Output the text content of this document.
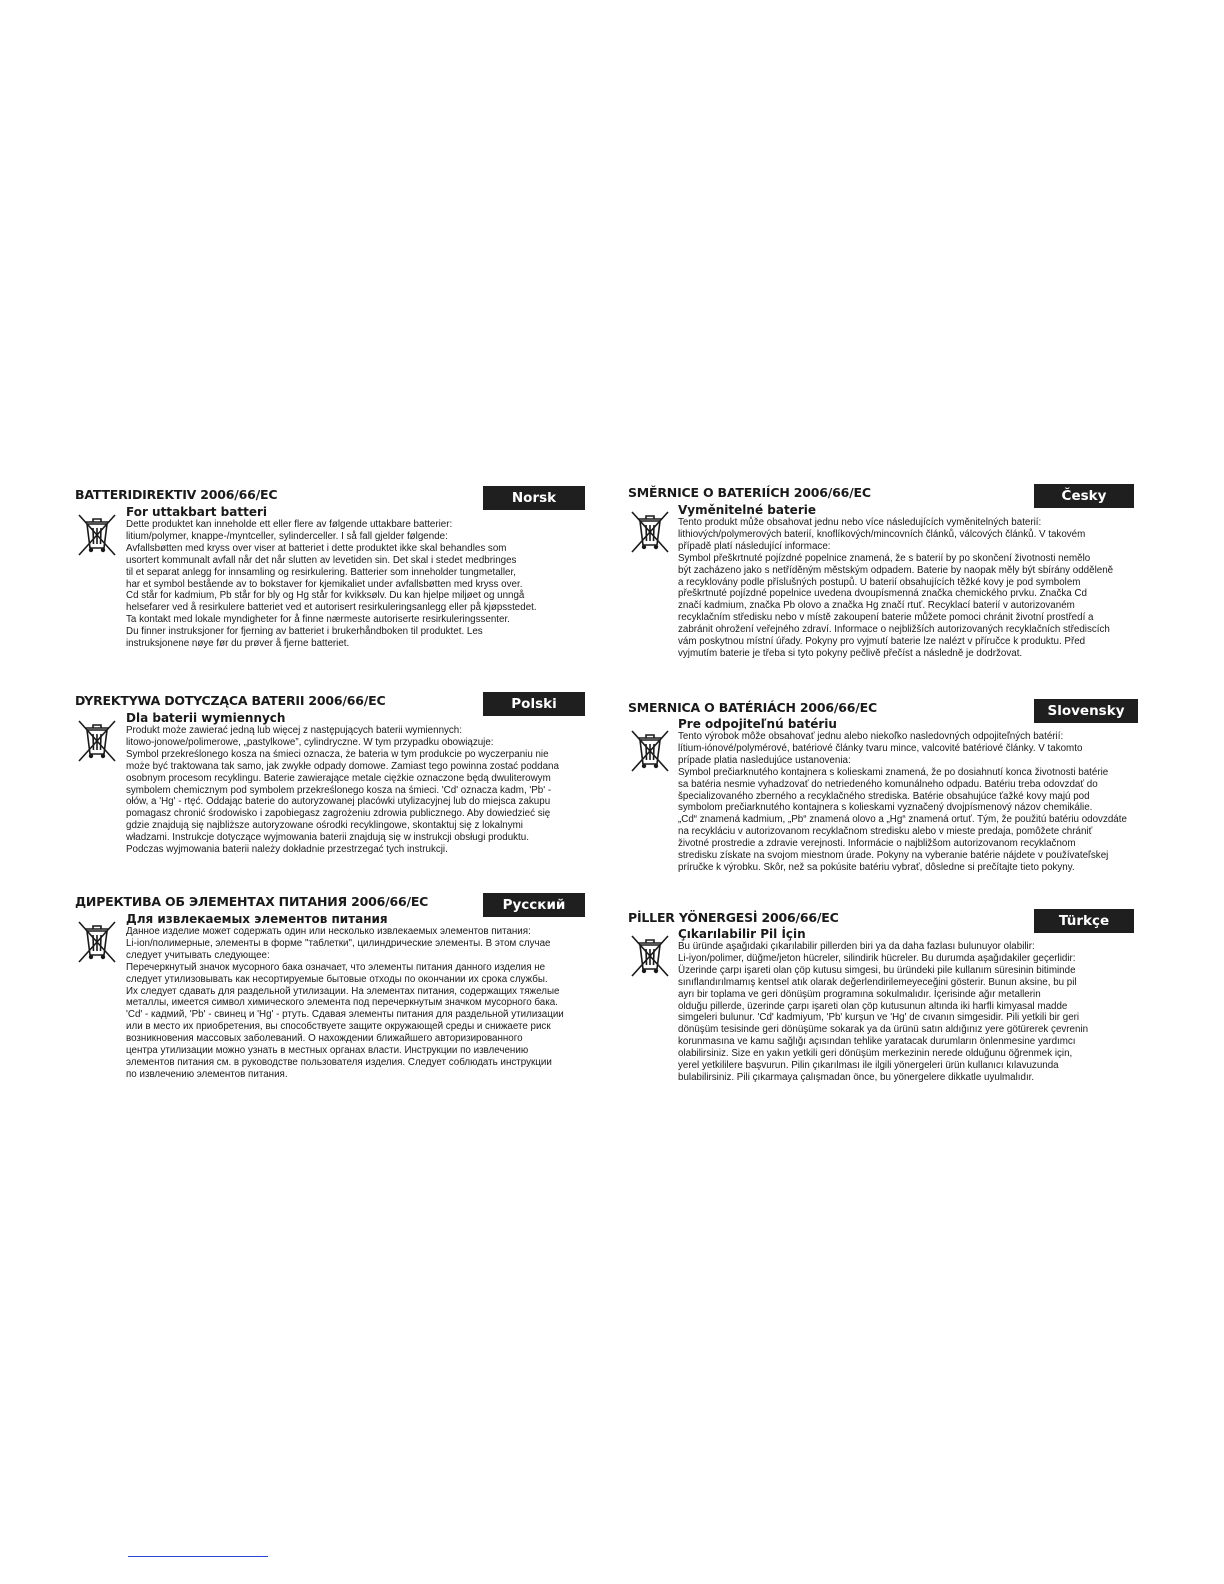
BATTERIDIREKTIV 2006/66/EC	Norsk
For uttakbart batteri
Dette produktet kan inneholde ett eller flere av følgende uttakbare batterier:
litium/polymer, knappe-/myntceller, sylinderceller. I så fall gjelder følgende:
Avfallsbøtten med kryss over viser at batteriet i dette produktet ikke skal behandles som
usortert kommunalt avfall når det når slutten av levetiden sin. Det skal i stedet medbringes
til et separat anlegg for innsamling og resirkulering. Batterier som inneholder tungmetaller,
har et symbol bestående av to bokstaver for kjemikaliet under avfallsbøtten med kryss over.
Cd står for kadmium, Pb står for bly og Hg står for kvikksølv. Du kan hjelpe miljøet og unngå
helsefarer ved å resirkulere batteriet ved et autorisert resirkuleringsanlegg eller på kjøpsstedet.
Ta kontakt med lokale myndigheter for å finne nærmeste autoriserte resirkuleringssenter.
Du finner instruksjoner for fjerning av batteriet i brukerhåndboken til produktet. Les
instruksjonene nøye før du prøver å fjerne batteriet.
DYREKTYWA DOTYCZĄCA BATERII 2006/66/EC	Polski
Dla baterii wymiennych
Produkt może zawierać jedną lub więcej z następujących baterii wymiennych:
litowo-jonowe/polimerowe, „pastylkowe”, cylindryczne. W tym przypadku obowiązuje:
Symbol przekreślonego kosza na śmieci oznacza, że bateria w tym produkcie po wyczerpaniu nie
może być traktowana tak samo, jak zwykłe odpady domowe. Zamiast tego powinna zostać poddana
osobnym procesom recyklingu. Baterie zawierające metale ciężkie oznaczone będą dwuliterowym
symbolem chemicznym pod symbolem przekreślonego kosza na śmieci. 'Cd' oznacza kadm, 'Pb' -
ołów, a 'Hg' - rtęć. Oddając baterie do autoryzowanej placówki utylizacyjnej lub do miejsca zakupu
pomagasz chronić środowisko i zapobiegasz zagrożeniu zdrowia publicznego. Aby dowiedzieć się
gdzie znajdują się najbliższe autoryzowane ośrodki recyklingowe, skontaktuj się z lokalnymi
władzami. Instrukcje dotyczące wyjmowania baterii znajdują się w instrukcji obsługi produktu.
Podczas wyjmowania baterii należy dokładnie przestrzegać tych instrukcji.
ДИРЕКТИВА ОБ ЭЛЕМЕНТАХ ПИТАНИЯ 2006/66/EC	Русский
Для извлекаемых элементов питания
Данное изделие может содержать один или несколько извлекаемых элементов питания:
Li-ion/полимерные, элементы в форме "таблетки", цилиндрические элементы. В этом случае
следует учитывать следующее:
Перечеркнутый значок мусорного бака означает, что элементы питания данного изделия не
следует утилизовывать как несортируемые бытовые отходы по окончании их срока службы.
Их следует сдавать для раздельной утилизации. На элементах питания, содержащих тяжелые
металлы, имеется символ химического элемента под перечеркнутым значком мусорного бака.
'Cd' - кадмий, 'Pb' - свинец и 'Hg' - ртуть. Сдавая элементы питания для раздельной утилизации
или в место их приобретения, вы способствуете защите окружающей среды и снижаете риск
возникновения массовых заболеваний. О нахождении ближайшего авторизированного
центра утилизации можно узнать в местных органах власти. Инструкции по извлечению
элементов питания см. в руководстве пользователя изделия. Следует соблюдать инструкции
по извлечению элементов питания.
SMĚRNICE O BATERIÍCH 2006/66/EC	Česky
Vyměnitelné baterie
Tento produkt může obsahovat jednu nebo více následujících vyměnitelných baterií:
lithiových/polymerových baterií, knoflíkových/mincovních článků, válcových článků. V takovém
případě platí následující informace:
Symbol přeškrtnuté pojízdné popelnice znamená, že s baterií by po skončení životnosti nemělo
být zacházeno jako s netříděným městským odpadem. Baterie by naopak měly být sbírány odděleně
a recyklovány podle příslušných postupů. U baterií obsahujících těžké kovy je pod symbolem
přeškrtnuté pojízdné popelnice uvedena dvoupísmenná značka chemického prvku. Značka Cd
značí kadmium, značka Pb olovo a značka Hg značí rtuť. Recyklací baterií v autorizovaném
recyklačním středisku nebo v místě zakoupení baterie můžete pomoci chránit životní prostředí a
zabránit ohrožení veřejného zdraví. Informace o nejbližších autorizovaných recyklačních střediscích
vám poskytnou místní úřady. Pokyny pro vyjmutí baterie lze nalézt v příručce k produktu. Před
vyjmutím baterie je třeba si tyto pokyny pečlivě přečíst a následně je dodržovat.
SMERNICA O BATÉRIÁCH 2006/66/EC	Slovensky
Pre odpojiteľnú batériu
Tento výrobok môže obsahovať jednu alebo niekoľko nasledovných odpojiteľných batérií:
lítium-iónové/polymérové, batériové články tvaru mince, valcovité batériové články. V takomto
prípade platia nasledujúce ustanovenia:
Symbol prečiarknutého kontajnera s kolieskami znamená, že po dosiahnutí konca životnosti batérie
sa batéria nesmie vyhadzovať do netriedeného komunálneho odpadu. Batériu treba odovzdať do
špecializovaného zberného a recyklačného strediska. Batérie obsahujúce ťažké kovy majú pod
symbolom prečiarknutého kontajnera s kolieskami vyznačený dvojpísmenový názov chemikálie.
„Cd“ znamená kadmium, „Pb“ znamená olovo a „Hg“ znamená ortuť. Tým, že použitú batériu odovzdáte
na recykláciu v autorizovanom recyklačnom stredisku alebo v mieste predaja, pomôžete chrániť
životné prostredie a zdravie verejnosti. Informácie o najbližšom autorizovanom recyklačnom
stredisku získate na svojom miestnom úrade. Pokyny na vyberanie batérie nájdete v používateľskej
príručke k výrobku. Skôr, než sa pokúsite batériu vybrať, dôsledne si prečítajte tieto pokyny.
PİLLER YÖNERGESİ 2006/66/EC	Türkçe
Çıkarılabilir Pil İçin
Bu üründe aşağıdaki çıkarılabilir pillerden biri ya da daha fazlası bulunuyor olabilir:
Li-iyon/polimer, düğme/jeton hücreler, silindirik hücreler. Bu durumda aşağıdakiler geçerlidir:
Üzerinde çarpı işareti olan çöp kutusu simgesi, bu üründeki pile kullanım süresinin bitiminde
sınıflandırılmamış kentsel atık olarak değerlendirilemeyeceğini gösterir. Bunun aksine, bu pil
ayrı bir toplama ve geri dönüşüm programına sokulmalıdır. İçerisinde ağır metallerin
olduğu pillerde, üzerinde çarpı işareti olan çöp kutusunun altında iki harfli kimyasal madde
simgeleri bulunur. 'Cd' kadmiyum, 'Pb' kurşun ve 'Hg' de cıvanın simgesidir. Pili yetkili bir geri
dönüşüm tesisinde geri dönüşüme sokarak ya da ürünü satın aldığınız yere götürerek çevrenin
korunmasına ve kamu sağlığı açısından tehlike yaratacak durumların önlenmesine yardımcı
olabilirsiniz. Size en yakın yetkili geri dönüşüm merkezinin nerede olduğunu öğrenmek için,
yerel yetkililere başvurun. Pilin çıkarılması ile ilgili yönergeleri ürün kullanıcı kılavuzunda
bulabilirsiniz. Pili çıkarmaya çalışmadan önce, bu yönergelere dikkatle uyulmalıdır.
